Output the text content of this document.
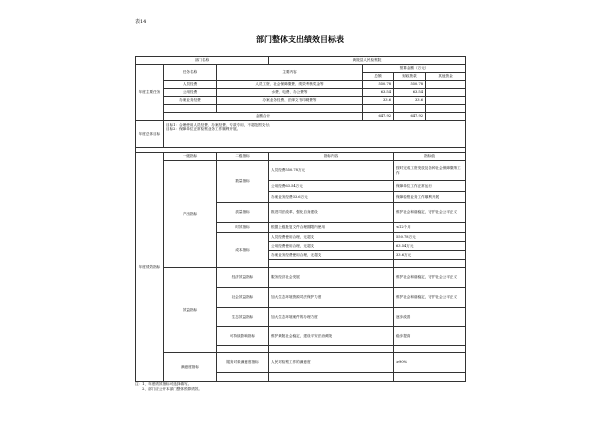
表14
部门整体支出绩效目标表
部门名称			黄陵县人民检察院			
年度主要任务	任务名称	主要内容		预算金额（万元）		
				总额	财政拨款	其他资金
	人员经费	人员工资、社会保障缴费、绩效考核奖金等		550.78	550.78	
	公用经费	水费、电费、办公费等		63.54	63.54	
	办案业务经费	办案业务经费、法律文书印刷费等		33.6	33.6	

	金额合计			647.92	647.92	
年度总体目标	目标1：合理使用人员经费、办案经费、专款专用，不超范围支付；
目标2：保障单位正常检察业务工作顺利开展。					

年度绩效指标	一级指标	二级指标	指标内容		指标值	
	产出指标	数量指标	人员经费550.78万元		按时完成工资发放及各种社会保障缴纳工作	
			公用经费63.54万元		保障单位工作正常运行	
			办案业务经费33.6万元		保障检察业务工作顺利开展	
		质量指标	推进司法改革，强化自身建设		维护社会和谐稳定，守护社会公平正义	
		时效指标	根据上级批复文件合理期限内使用		≤12个月	
		成本指标	人员经费使用合理，无超支		550.78万元	
			公用经费使用合理，无超支		63.54万元	
			办案业务经费使用合理，无超支		33.6万元	

	效益指标	经济效益指标	服务经济社会发展		维护社会和谐稳定，守护社会公平正义	
		社会效益指标	加大生态环境资源司法保护力度		维护社会和谐稳定，守护社会公平正义	
		生态效益指标	加大生态环境案件的办理力度		逐步改善	
		可持续影响指标	维护黄陵社会稳定，建设平安法治黄陵		稳步提高	

	满意度指标	服务对象满意度指标	人民对检察工作的满意度		≥90%	

注：1、年度绩效指标可选择填写。
　　2、部门应公开本部门整体预算绩效。
